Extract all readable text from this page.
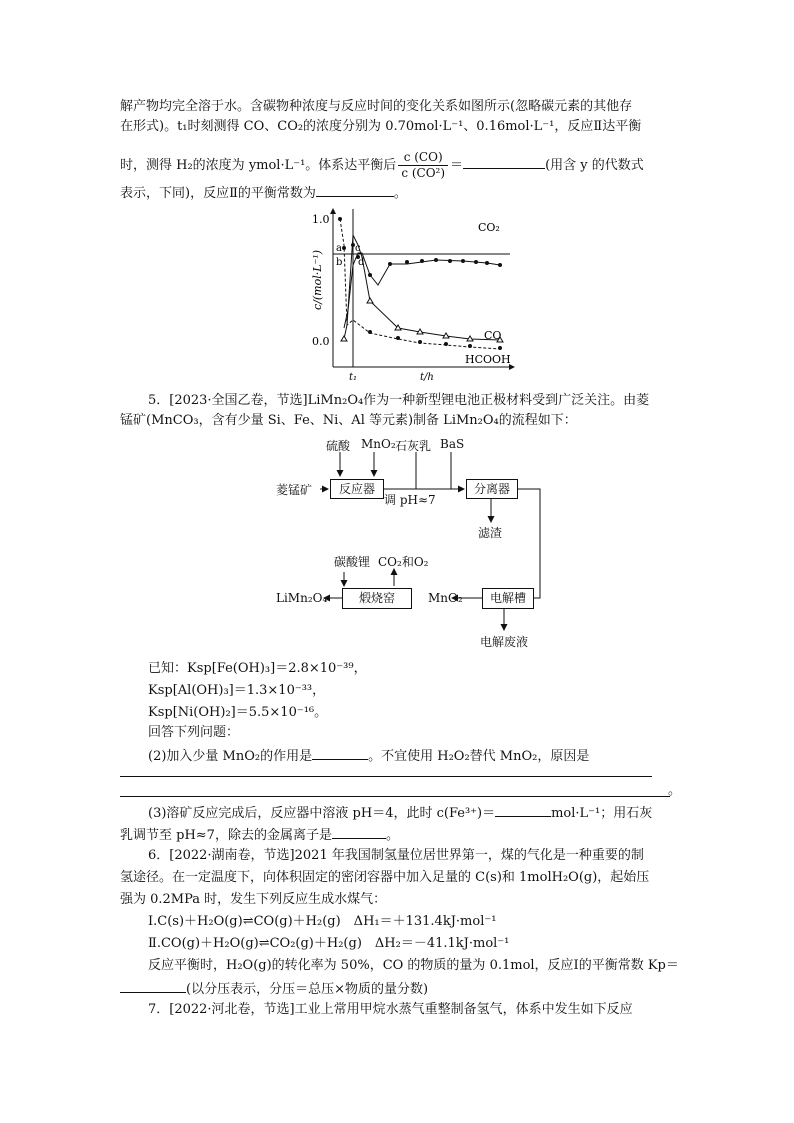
解产物均完全溶于水。含碳物种浓度与反应时间的变化关系如图所示(忽略碳元素的其他存
在形式)。t₁时刻测得 CO、CO₂的浓度分别为 0.70mol·L⁻¹、0.16mol·L⁻¹，反应Ⅱ达平衡
时，测得 H₂的浓度为 ymol·L⁻¹。体系达平衡后 $\frac{c (CO)}{\text{c (CO²)}}$ ＝	(用含 y 的代数式
表示，下同)，反应Ⅱ的平衡常数为	。
1.0
0.0
c/(mol·L⁻¹)
t₁	t/h
a
b
c
d
CO₂
CO
HCOOH
5．[2023·全国乙卷，节选]LiMn₂O₄作为一种新型锂电池正极材料受到广泛关注。由菱
锰矿(MnCO₃，含有少量 Si、Fe、Ni、Al 等元素)制备 LiMn₂O₄的流程如下：
硫酸 MnO₂ 石灰乳 BaS
菱锰矿	反应器
调 pH≈7
分离器
滤渣
碳酸锂 CO₂和O₂
煅烧窑
LiMn₂O₄	MnO₂	电解槽
电解废液
已知：Ksp[Fe(OH)₃]＝2.8×10⁻³⁹，
Ksp[Al(OH)₃]＝1.3×10⁻³³，
Ksp[Ni(OH)₂]＝5.5×10⁻¹⁶。
回答下列问题：
(2)加入少量 MnO₂的作用是	。不宜使用 H₂O₂替代 MnO₂，原因是
。
(3)溶矿反应完成后，反应器中溶液 pH＝4，此时 c(Fe³⁺)＝	mol·L⁻¹；用石灰
乳调节至 pH≈7，除去的金属离子是	。
6．[2022·湖南卷，节选]2021 年我国制氢量位居世界第一，煤的气化是一种重要的制
氢途径。在一定温度下，向体积固定的密闭容器中加入足量的 C(s)和 1molH₂O(g)，起始压
强为 0.2MPa 时，发生下列反应生成水煤气：
Ⅰ.C(s)＋H₂O(g)⇌CO(g)＋H₂(g)　ΔH₁＝＋131.4kJ·mol⁻¹
Ⅱ.CO(g)＋H₂O(g)⇌CO₂(g)＋H₂(g)　ΔH₂＝－41.1kJ·mol⁻¹
反应平衡时，H₂O(g)的转化率为 50%，CO 的物质的量为 0.1mol，反应Ⅰ的平衡常数 Kp＝
(以分压表示，分压＝总压×物质的量分数)
7．[2022·河北卷，节选]工业上常用甲烷水蒸气重整制备氢气，体系中发生如下反应
